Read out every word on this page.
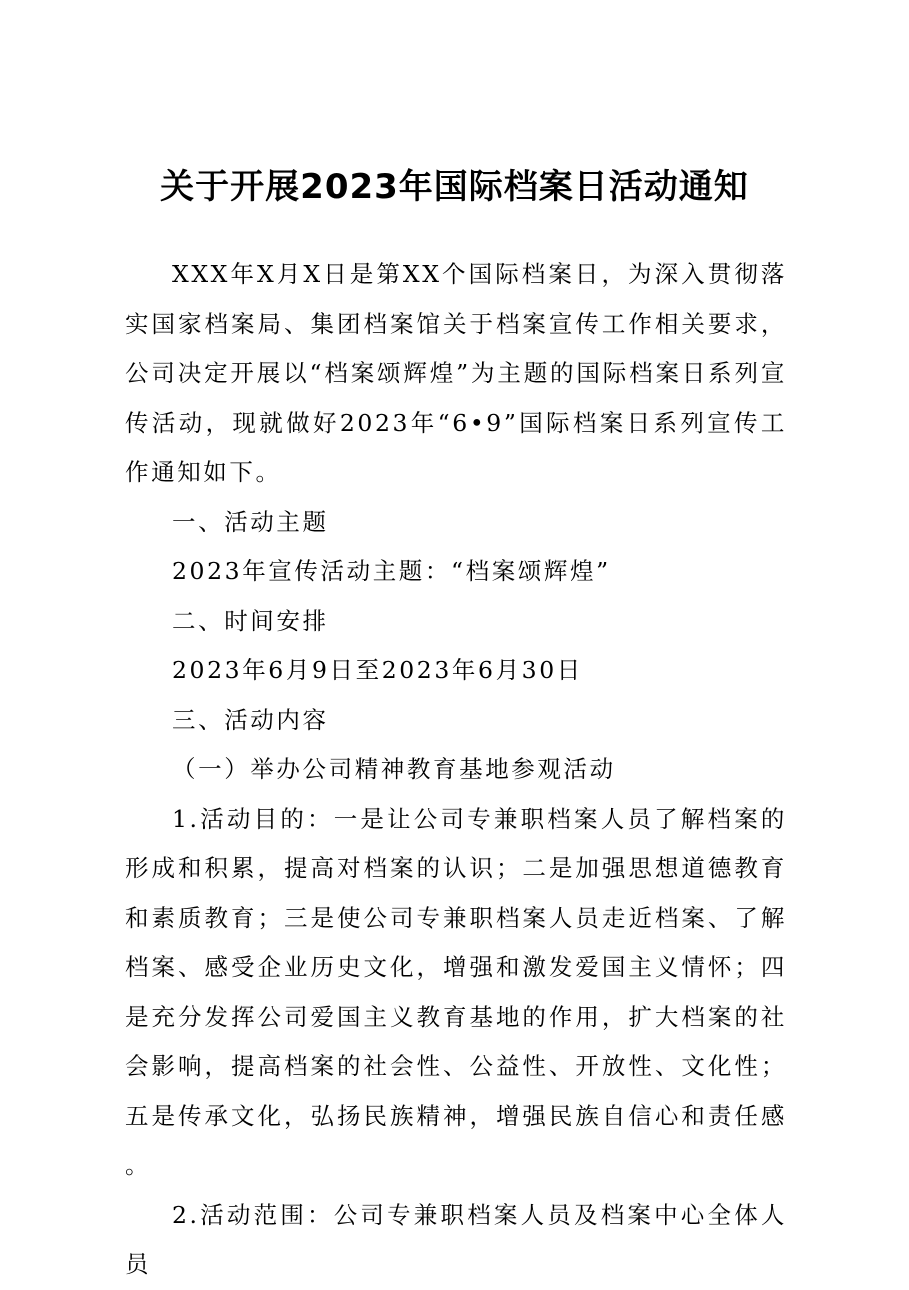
关于开展2023年国际档案日活动通知

XXX年X月X日是第XX个国际档案日，为深入贯彻落实国家档案局、集团档案馆关于档案宣传工作相关要求，公司决定开展以“档案颂辉煌”为主题的国际档案日系列宣传活动，现就做好2023年“6•9”国际档案日系列宣传工作通知如下。

一、活动主题

2023年宣传活动主题：“档案颂辉煌”

二、时间安排

2023年6月9日至2023年6月30日

三、活动内容

（一）举办公司精神教育基地参观活动

1.活动目的：一是让公司专兼职档案人员了解档案的形成和积累，提高对档案的认识；二是加强思想道德教育和素质教育；三是使公司专兼职档案人员走近档案、了解档案、感受企业历史文化，增强和激发爱国主义情怀；四是充分发挥公司爱国主义教育基地的作用，扩大档案的社会影响，提高档案的社会性、公益性、开放性、文化性；五是传承文化，弘扬民族精神，增强民族自信心和责任感。

2.活动范围：公司专兼职档案人员及档案中心全体人员
